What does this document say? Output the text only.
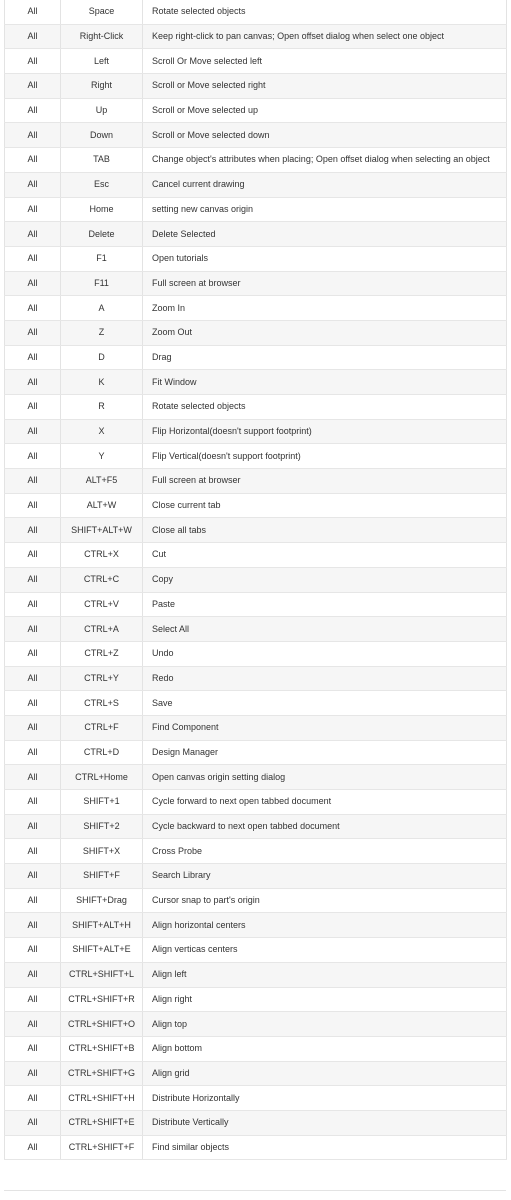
All	Space	Rotate selected objects
All	Right-Click	Keep right-click to pan canvas; Open offset dialog when select one object
All	Left	Scroll Or Move selected left
All	Right	Scroll or Move selected right
All	Up	Scroll or Move selected up
All	Down	Scroll or Move selected down
All	TAB	Change object's attributes when placing; Open offset dialog when selecting an object
All	Esc	Cancel current drawing
All	Home	setting new canvas origin
All	Delete	Delete Selected
All	F1	Open tutorials
All	F11	Full screen at browser
All	A	Zoom In
All	Z	Zoom Out
All	D	Drag
All	K	Fit Window
All	R	Rotate selected objects
All	X	Flip Horizontal(doesn't support footprint)
All	Y	Flip Vertical(doesn't support footprint)
All	ALT+F5	Full screen at browser
All	ALT+W	Close current tab
All	SHIFT+ALT+W	Close all tabs
All	CTRL+X	Cut
All	CTRL+C	Copy
All	CTRL+V	Paste
All	CTRL+A	Select All
All	CTRL+Z	Undo
All	CTRL+Y	Redo
All	CTRL+S	Save
All	CTRL+F	Find Component
All	CTRL+D	Design Manager
All	CTRL+Home	Open canvas origin setting dialog
All	SHIFT+1	Cycle forward to next open tabbed document
All	SHIFT+2	Cycle backward to next open tabbed document
All	SHIFT+X	Cross Probe
All	SHIFT+F	Search Library
All	SHIFT+Drag	Cursor snap to part's origin
All	SHIFT+ALT+H	Align horizontal centers
All	SHIFT+ALT+E	Align verticas centers
All	CTRL+SHIFT+L	Align left
All	CTRL+SHIFT+R	Align right
All	CTRL+SHIFT+O	Align top
All	CTRL+SHIFT+B	Align bottom
All	CTRL+SHIFT+G	Align grid
All	CTRL+SHIFT+H	Distribute Horizontally
All	CTRL+SHIFT+E	Distribute Vertically
All	CTRL+SHIFT+F	Find similar objects
